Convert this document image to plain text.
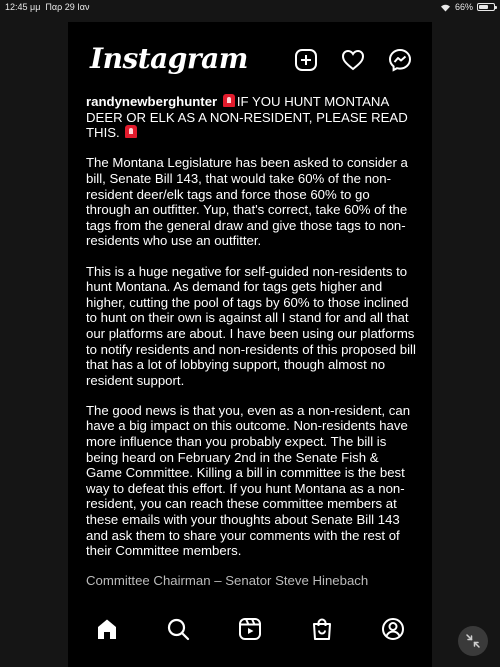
12:45 μμ Παρ 29 Ιαν	66%
Instagram

randynewberghunter IF YOU HUNT MONTANA DEER OR ELK AS A NON-RESIDENT, PLEASE READ THIS.

The Montana Legislature has been asked to consider a bill, Senate Bill 143, that would take 60% of the non-resident deer/elk tags and force those 60% to go through an outfitter. Yup, that's correct, take 60% of the tags from the general draw and give those tags to non-residents who use an outfitter.

This is a huge negative for self-guided non-residents to hunt Montana. As demand for tags gets higher and higher, cutting the pool of tags by 60% to those inclined to hunt on their own is against all I stand for and all that our platforms are about. I have been using our platforms to notify residents and non-residents of this proposed bill that has a lot of lobbying support, though almost no resident support.

The good news is that you, even as a non-resident, can have a big impact on this outcome. Non-residents have more influence than you probably expect. The bill is being heard on February 2nd in the Senate Fish & Game Committee. Killing a bill in committee is the best way to defeat this effort. If you hunt Montana as a non-resident, you can reach these committee members at these emails with your thoughts about Senate Bill 143 and ask them to share your comments with the rest of their Committee members.

Committee Chairman – Senator Steve Hinebach
